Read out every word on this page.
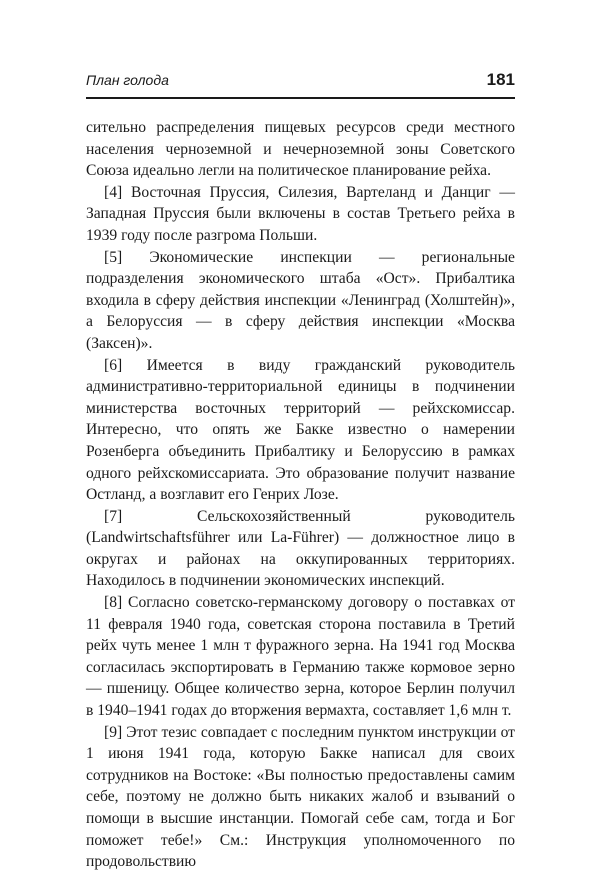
План голода	181

сительно распределения пищевых ресурсов среди местного населения черноземной и нечерноземной зоны Советского Союза идеально легли на политическое планирование рейха.

[4] Восточная Пруссия, Силезия, Вартеланд и Данциг — Западная Пруссия были включены в состав Третьего рейха в 1939 году после разгрома Польши.

[5] Экономические инспекции — региональные подразделения экономического штаба «Ост». Прибалтика входила в сферу действия инспекции «Ленинград (Холштейн)», а Белоруссия — в сферу действия инспекции «Москва (Заксен)».

[6] Имеется в виду гражданский руководитель административно-территориальной единицы в подчинении министерства восточных территорий — рейхскомиссар. Интересно, что опять же Бакке известно о намерении Розенберга объединить Прибалтику и Белоруссию в рамках одного рейхскомиссариата. Это образование получит название Остланд, а возглавит его Генрих Лозе.

[7]	Сельскохозяйственный руководитель (Landwirtschaftsführer или La-Führer) — должностное лицо в округах и районах на оккупированных территориях. Находилось в подчинении экономических инспекций.

[8] Согласно советско-германскому договору о поставках от 11 февраля 1940 года, советская сторона поставила в Третий рейх чуть менее 1 млн т фуражного зерна. На 1941 год Москва согласилась экспортировать в Германию также кормовое зерно — пшеницу. Общее количество зерна, которое Берлин получил в 1940–1941 годах до вторжения вермахта, составляет 1,6 млн т.

[9] Этот тезис совпадает с последним пунктом инструкции от 1 июня 1941 года, которую Бакке написал для своих сотрудников на Востоке: «Вы полностью предоставлены самим себе, поэтому не должно быть никаких жалоб и взываний о помощи в высшие инстанции. Помогай себе сам, тогда и Бог поможет тебе!» См.: Инструкция уполномоченного по продовольствию
